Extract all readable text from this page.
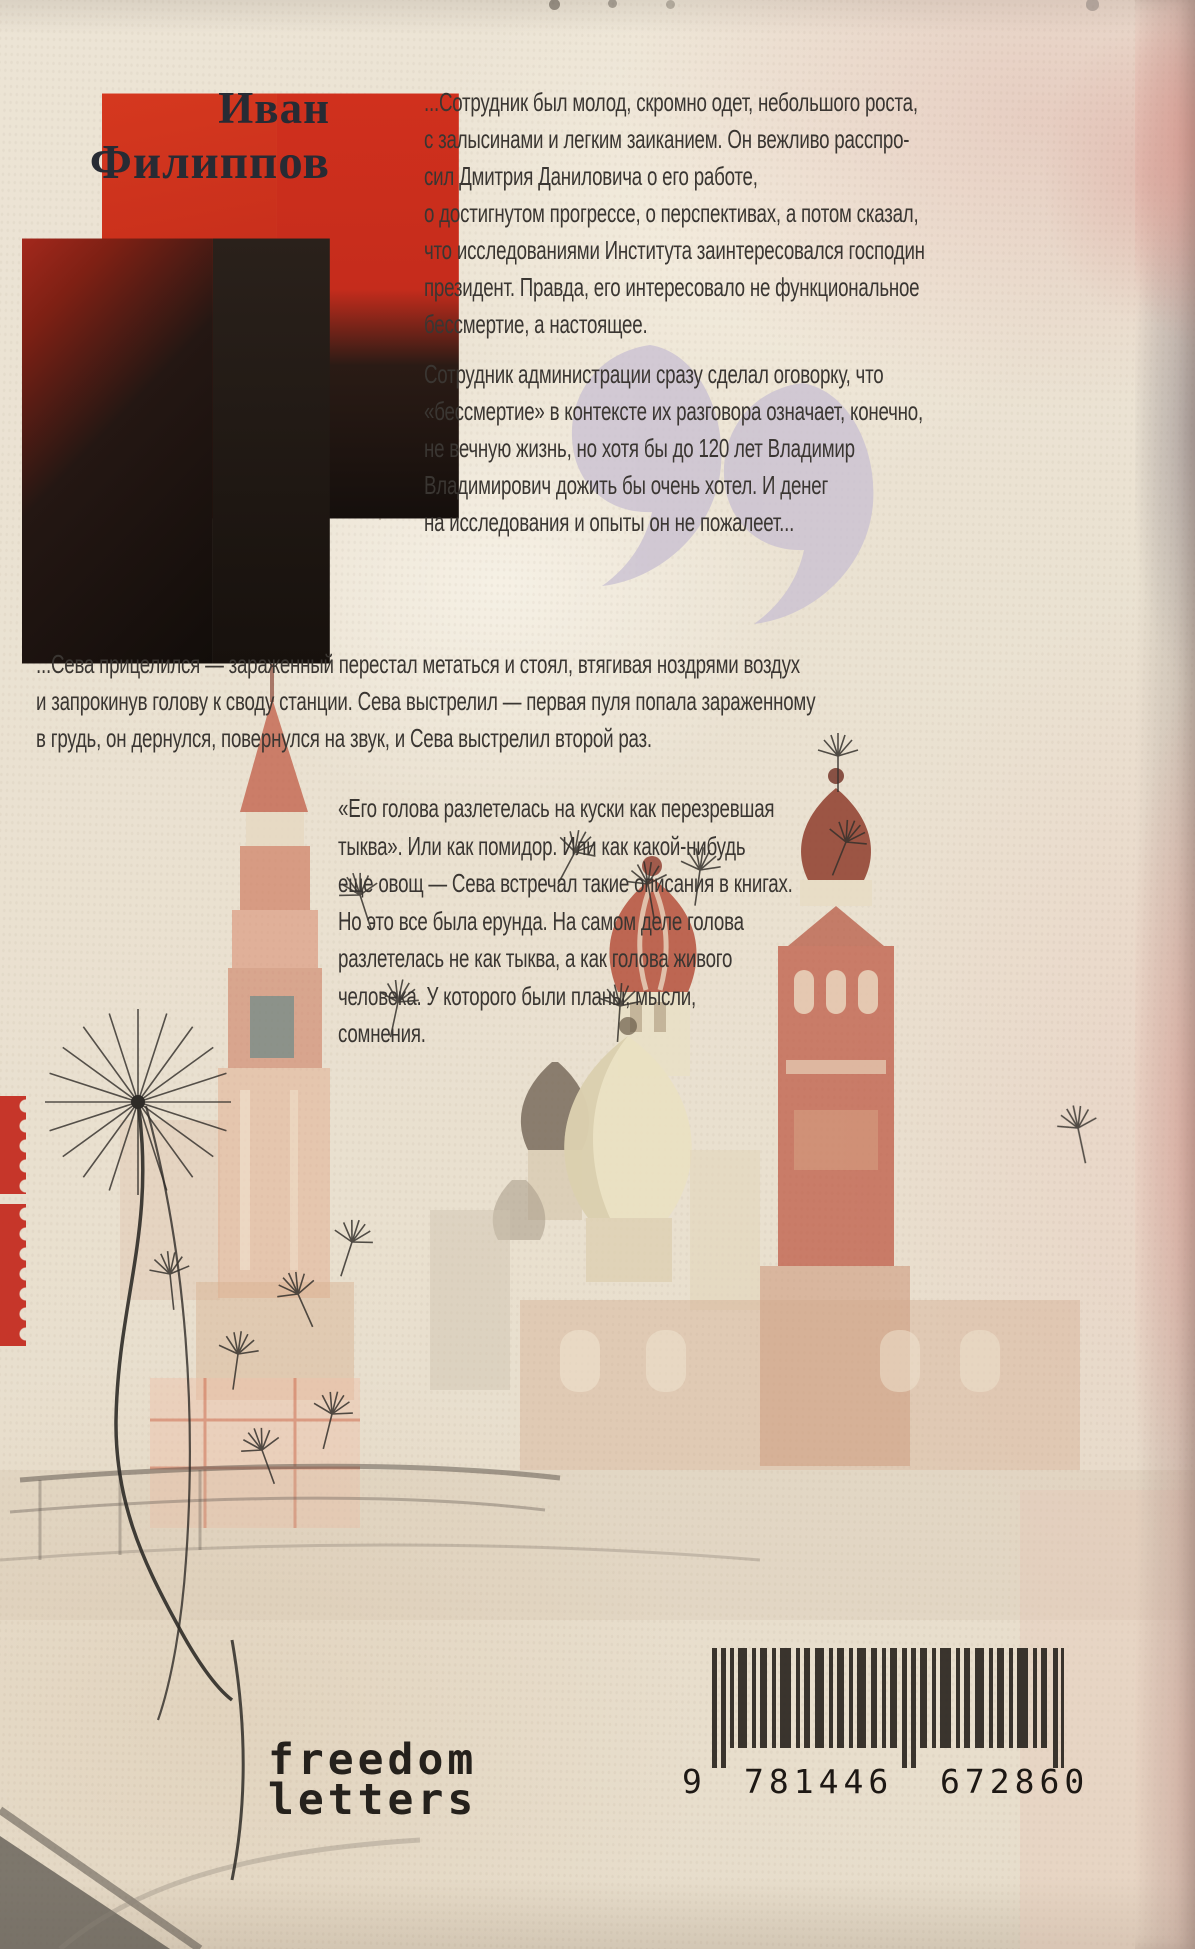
Иван
Филиппов
...Сотрудник был молод, скромно одет, небольшого роста,
с залысинами и легким заиканием. Он вежливо расспро-
сил Дмитрия Даниловича о его работе,
о достигнутом прогрессе, о перспективах, а потом сказал,
что исследованиями Института заинтересовался господин
президент. Правда, его интересовало не функциональное
бессмертие, а настоящее.
Сотрудник администрации сразу сделал оговорку, что
«бессмертие» в контексте их разговора означает, конечно,
не вечную жизнь, но хотя бы до 120 лет Владимир
Владимирович дожить бы очень хотел. И денег
на исследования и опыты он не пожалеет...
...Сева прицелился — зараженный перестал метаться и стоял, втягивая ноздрями воздух
и запрокинув голову к своду станции. Сева выстрелил — первая пуля попала зараженному
в грудь, он дернулся, повернулся на звук, и Сева выстрелил второй раз.
«Его голова разлетелась на куски как перезревшая
тыква». Или как помидор. Или как какой-нибудь
еще овощ — Сева встречал такие описания в книгах.
Но это все была ерунда. На самом деле голова
разлетелась не как тыква, а как голова живого
человека. У которого были планы, мысли,
сомнения.
freedom
letters	9 781446 672860
